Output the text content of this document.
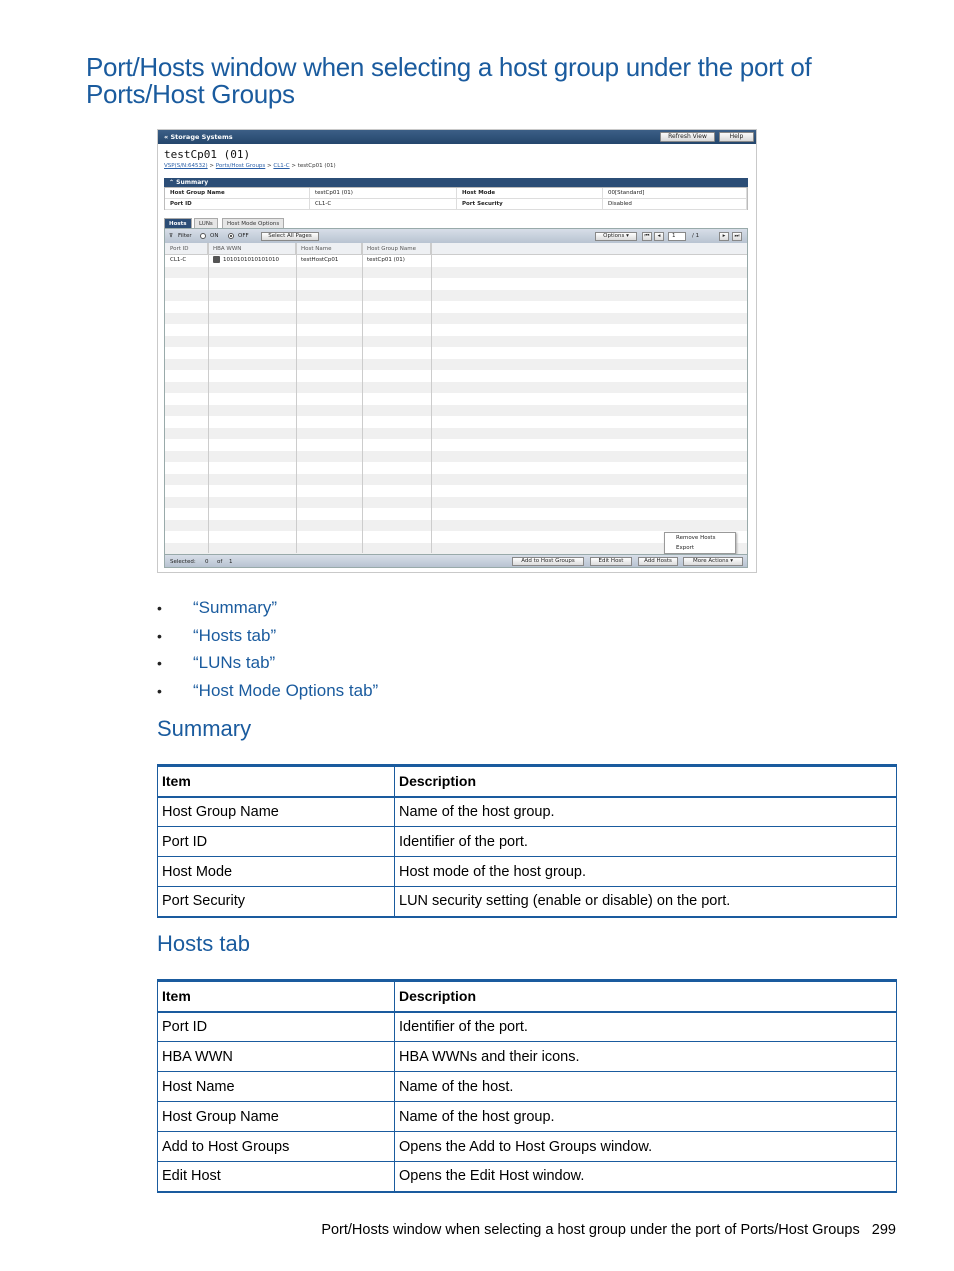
Port/Hosts window when selecting a host group under the port of Ports/Host Groups
« Storage Systems	Refresh View	Help
testCp01 (01)
VSP(S/N:64532) > Ports/Host Groups > CL1-C > testCp01 (01)
⌃ Summary
Host Group Name	testCp01 (01)	Host Mode	00[Standard]
Port ID	CL1-C	Port Security	Disabled
Hosts	LUNs	Host Mode Options
⊽ Filter	ON	OFF	Select All Pages	Options ▾	⏮	◂	1	/ 1	▸	⏭
Port ID	HBA WWN	Host Name	Host Group Name
CL1-C	1010101010101010	testHostCp01	testCp01 (01)
Remove Hosts
Export
Selected: 0 of 1	Add to Host Groups	Edit Host	Add Hosts	More Actions ▾
• “Summary”
• “Hosts tab”
• “LUNs tab”
• “Host Mode Options tab”
Summary
Item	Description
Host Group Name	Name of the host group.
Port ID	Identifier of the port.
Host Mode	Host mode of the host group.
Port Security	LUN security setting (enable or disable) on the port.
Hosts tab
Item	Description
Port ID	Identifier of the port.
HBA WWN	HBA WWNs and their icons.
Host Name	Name of the host.
Host Group Name	Name of the host group.
Add to Host Groups	Opens the Add to Host Groups window.
Edit Host	Opens the Edit Host window.
Port/Hosts window when selecting a host group under the port of Ports/Host Groups 299
